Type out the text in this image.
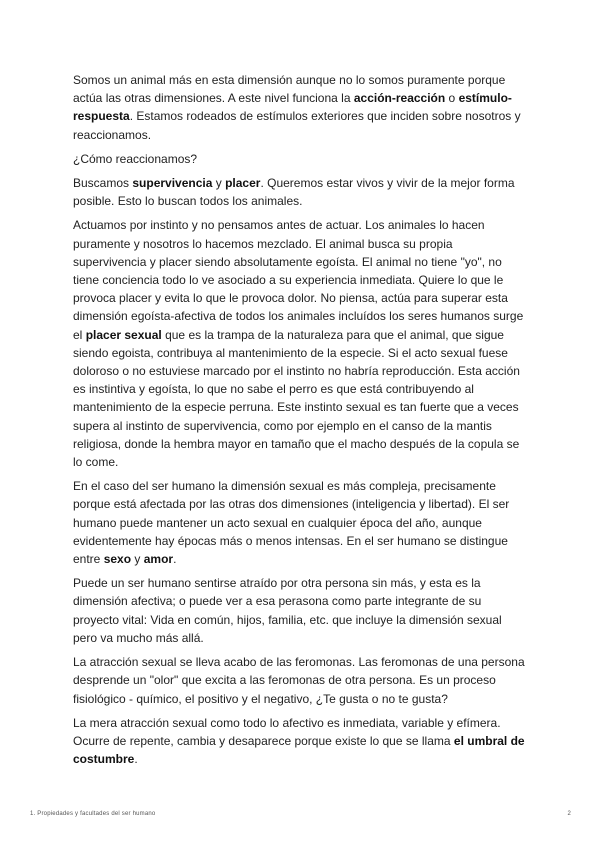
Somos un animal más en esta dimensión aunque no lo somos puramente porque actúa las otras dimensiones. A este nivel funciona la acción-reacción o estímulo-respuesta. Estamos rodeados de estímulos exteriores que inciden sobre nosotros y reaccionamos.

¿Cómo reaccionamos?

Buscamos supervivencia y placer. Queremos estar vivos y vivir de la mejor forma posible. Esto lo buscan todos los animales.

Actuamos por instinto y no pensamos antes de actuar. Los animales lo hacen puramente y nosotros lo hacemos mezclado. El animal busca su propia supervivencia y placer siendo absolutamente egoísta. El animal no tiene "yo", no tiene conciencia todo lo ve asociado a su experiencia inmediata. Quiere lo que le provoca placer y evita lo que le provoca dolor. No piensa, actúa para superar esta dimensión egoísta-afectiva de todos los animales incluídos los seres humanos surge el placer sexual que es la trampa de la naturaleza para que el animal, que sigue siendo egoista, contribuya al mantenimiento de la especie. Si el acto sexual fuese doloroso o no estuviese marcado por el instinto no habría reproducción. Esta acción es instintiva y egoísta, lo que no sabe el perro es que está contribuyendo al mantenimiento de la especie perruna. Este instinto sexual es tan fuerte que a veces supera al instinto de supervivencia, como por ejemplo en el canso de la mantis religiosa, donde la hembra mayor en tamaño que el macho después de la copula se lo come.

En el caso del ser humano la dimensión sexual es más compleja, precisamente porque está afectada por las otras dos dimensiones (inteligencia y libertad). El ser humano puede mantener un acto sexual en cualquier época del año, aunque evidentemente hay épocas más o menos intensas. En el ser humano se distingue entre sexo y amor.

Puede un ser humano sentirse atraído por otra persona sin más, y esta es la dimensión afectiva; o puede ver a esa perasona como parte integrante de su proyecto vital: Vida en común, hijos, familia, etc. que incluye la dimensión sexual pero va mucho más allá.

La atracción sexual se lleva acabo de las feromonas. Las feromonas de una persona desprende un "olor" que excita a las feromonas de otra persona. Es un proceso fisiológico - químico, el positivo y el negativo, ¿Te gusta o no te gusta?

La mera atracción sexual como todo lo afectivo es inmediata, variable y efímera. Ocurre de repente, cambia y desaparece porque existe lo que se llama el umbral de costumbre.

1. Propiedades y facultades del ser humano	2
